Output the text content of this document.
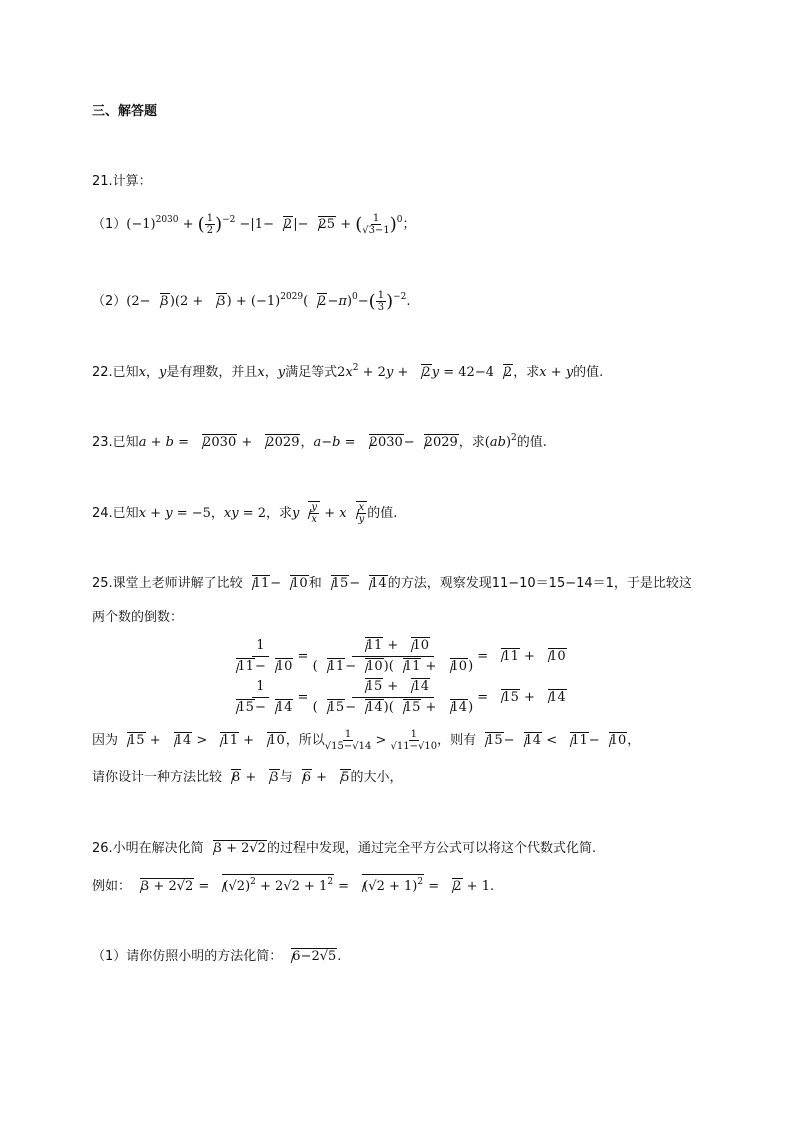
三、解答题
21.计算：
$(1)(-1)^{2030}$ + ( $\frac{1}{2} )^{-2} -|1- 2|- 25$ + ( $\frac{1}{√3-1} )^0$；
$(2)(2- 3)(2 + 3) + (-1)^{2029}$( $2-\pi)^0-( \frac{1}{3} )^{-2}$.
22.已知x，y是有理数，并且x，y满足等式$2x^2 + 2y + 2y = 42-4$ 2，求x + y的值.
23.已知a + b = 2030 + 2029，a−b = 2030− 2029，求(ab)$^2$的值.
24.已知x + y = −5，xy = 2，求y $\frac{y}{x} + x \frac{x}{y}$ 的值.
25.课堂上老师讲解了比较 11− 10和 15− 14的方法，观察发现11−10＝15−14＝1，于是比较这
两个数的倒数：
$\frac{1}{11- 10} = \frac{11 + 10}{( 11- 10)( 11 + 10)} = 11 + 10$
$\frac{1}{15- 14} = \frac{15 + 14}{( 15- 14)( 15 + 14)} = 15 + 14$
因为 15 + 14 > 11 + 10，所以 $\frac{1}{√15-√14} > \frac{1}{√11-√10}$ ，则有 15− 14 < 11− 10，
请你设计一种方法比较 8 + 3与 6 + 5的大小，
26.小明在解决化简 3 + 2√2的过程中发现，通过完全平方公式可以将这个代数式化简.
例如： $3 + 2√2 = (√2)^2 + 2√2 + 1^2 = (√2 + 1)^2 = 2 + 1$.
（1）请你仿照小明的方法化简： 6−2√5.
